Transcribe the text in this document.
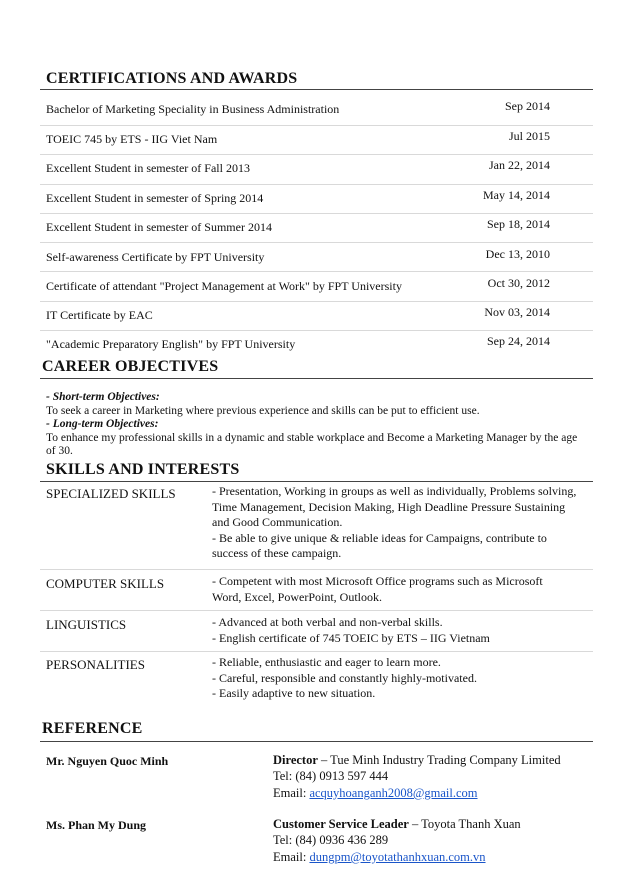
CERTIFICATIONS AND AWARDS
Bachelor of Marketing Speciality in Business Administration	Sep 2014
TOEIC 745 by ETS - IIG Viet Nam	Jul 2015
Excellent Student in semester of Fall 2013	Jan 22, 2014
Excellent Student in semester of Spring 2014	May 14, 2014
Excellent Student in semester of Summer 2014	Sep 18, 2014
Self-awareness Certificate by FPT University	Dec 13, 2010
Certificate of attendant "Project Management at Work" by FPT University	Oct 30, 2012
IT Certificate by EAC	Nov 03, 2014
"Academic Preparatory English" by FPT University	Sep 24, 2014
CAREER OBJECTIVES
- Short-term Objectives:
To seek a career in Marketing where previous experience and skills can be put to efficient use.
- Long-term Objectives:
To enhance my professional skills in a dynamic and stable workplace and Become a Marketing Manager by the age
of 30.
SKILLS AND INTERESTS
SPECIALIZED SKILLS	- Presentation, Working in groups as well as individually, Problems solving,
Time Management, Decision Making, High Deadline Pressure Sustaining
and Good Communication.
- Be able to give unique & reliable ideas for Campaigns, contribute to
success of these campaign.
COMPUTER SKILLS	- Competent with most Microsoft Office programs such as Microsoft
Word, Excel, PowerPoint, Outlook.
LINGUISTICS	- Advanced at both verbal and non-verbal skills.
- English certificate of 745 TOEIC by ETS – IIG Vietnam
PERSONALITIES	- Reliable, enthusiastic and eager to learn more.
- Careful, responsible and constantly highly-motivated.
- Easily adaptive to new situation.
REFERENCE
Mr. Nguyen Quoc Minh	Director – Tue Minh Industry Trading Company Limited
Tel: (84) 0913 597 444
Email: acquyhoanganh2008@gmail.com
Ms. Phan My Dung	Customer Service Leader – Toyota Thanh Xuan
Tel: (84) 0936 436 289
Email: dungpm@toyotathanhxuan.com.vn
